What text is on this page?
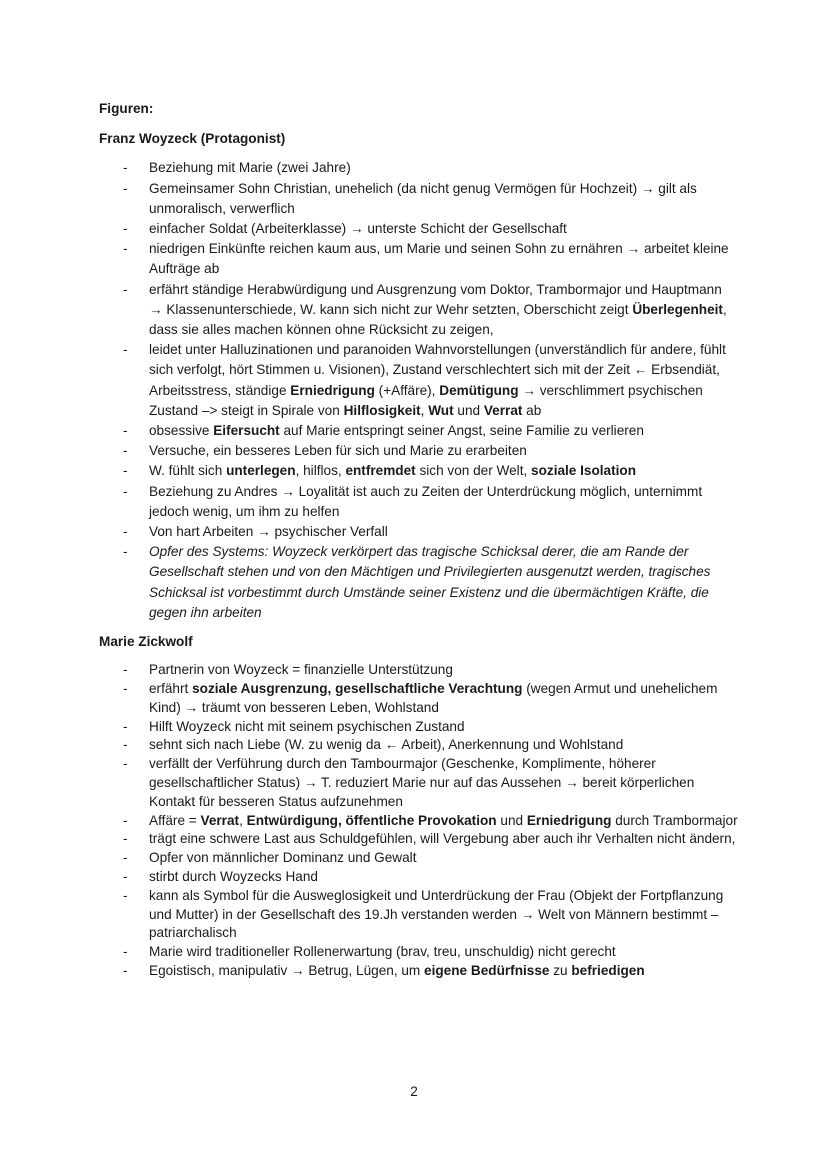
Figuren:

Franz Woyzeck (Protagonist)

- Beziehung mit Marie (zwei Jahre)
- Gemeinsamer Sohn Christian, unehelich (da nicht genug Vermögen für Hochzeit) → gilt als unmoralisch, verwerflich
- einfacher Soldat (Arbeiterklasse) → unterste Schicht der Gesellschaft
- niedrigen Einkünfte reichen kaum aus, um Marie und seinen Sohn zu ernähren → arbeitet kleine Aufträge ab
- erfährt ständige Herabwürdigung und Ausgrenzung vom Doktor, Trambormajor und Hauptmann → Klassenunterschiede, W. kann sich nicht zur Wehr setzten, Oberschicht zeigt Überlegenheit, dass sie alles machen können ohne Rücksicht zu zeigen,
- leidet unter Halluzinationen und paranoiden Wahnvorstellungen (unverständlich für andere, fühlt sich verfolgt, hört Stimmen u. Visionen), Zustand verschlechtert sich mit der Zeit ← Erbsendiät, Arbeitsstress, ständige Erniedrigung (+Affäre), Demütigung → verschlimmert psychischen Zustand –> steigt in Spirale von Hilflosigkeit, Wut und Verrat ab
- obsessive Eifersucht auf Marie entspringt seiner Angst, seine Familie zu verlieren
- Versuche, ein besseres Leben für sich und Marie zu erarbeiten
- W. fühlt sich unterlegen, hilflos, entfremdet sich von der Welt, soziale Isolation
- Beziehung zu Andres → Loyalität ist auch zu Zeiten der Unterdrückung möglich, unternimmt jedoch wenig, um ihm zu helfen
- Von hart Arbeiten → psychischer Verfall
- Opfer des Systems: Woyzeck verkörpert das tragische Schicksal derer, die am Rande der Gesellschaft stehen und von den Mächtigen und Privilegierten ausgenutzt werden, tragisches Schicksal ist vorbestimmt durch Umstände seiner Existenz und die übermächtigen Kräfte, die gegen ihn arbeiten

Marie Zickwolf

- Partnerin von Woyzeck = finanzielle Unterstützung
- erfährt soziale Ausgrenzung, gesellschaftliche Verachtung (wegen Armut und unehelichem Kind) → träumt von besseren Leben, Wohlstand
- Hilft Woyzeck nicht mit seinem psychischen Zustand
- sehnt sich nach Liebe (W. zu wenig da ← Arbeit), Anerkennung und Wohlstand
- verfällt der Verführung durch den Tambourmajor (Geschenke, Komplimente, höherer gesellschaftlicher Status) → T. reduziert Marie nur auf das Aussehen → bereit körperlichen Kontakt für besseren Status aufzunehmen
- Affäre = Verrat, Entwürdigung, öffentliche Provokation und Erniedrigung durch Trambormajor
- trägt eine schwere Last aus Schuldgefühlen, will Vergebung aber auch ihr Verhalten nicht ändern,
- Opfer von männlicher Dominanz und Gewalt
- stirbt durch Woyzecks Hand
- kann als Symbol für die Ausweglosigkeit und Unterdrückung der Frau (Objekt der Fortpflanzung und Mutter) in der Gesellschaft des 19.Jh verstanden werden → Welt von Männern bestimmt – patriarchalisch
- Marie wird traditioneller Rollenerwartung (brav, treu, unschuldig) nicht gerecht
- Egoistisch, manipulativ → Betrug, Lügen, um eigene Bedürfnisse zu befriedigen
2
